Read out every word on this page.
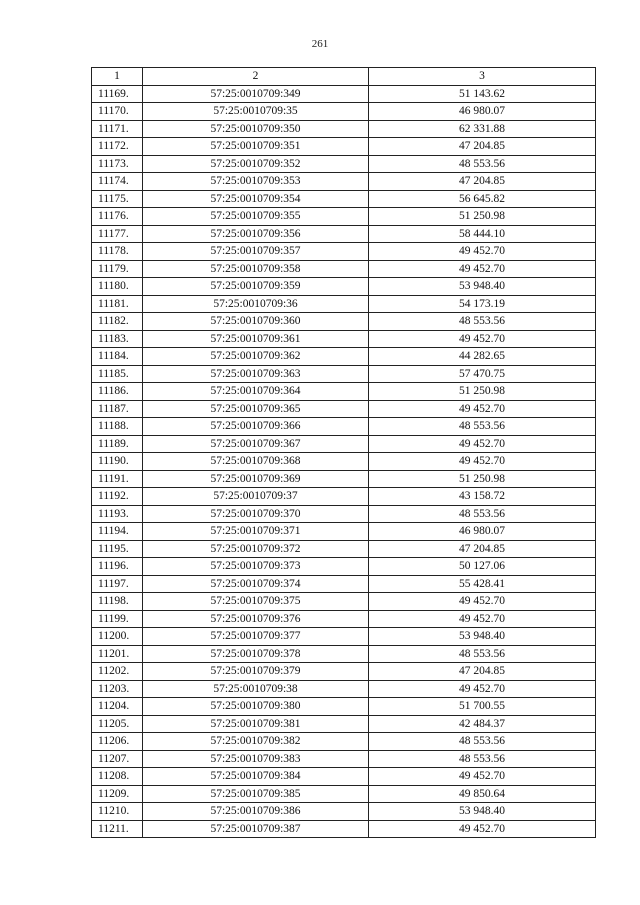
261
1	2	3
11169.	57:25:0010709:349	51 143.62
11170.	57:25:0010709:35	46 980.07
11171.	57:25:0010709:350	62 331.88
11172.	57:25:0010709:351	47 204.85
11173.	57:25:0010709:352	48 553.56
11174.	57:25:0010709:353	47 204.85
11175.	57:25:0010709:354	56 645.82
11176.	57:25:0010709:355	51 250.98
11177.	57:25:0010709:356	58 444.10
11178.	57:25:0010709:357	49 452.70
11179.	57:25:0010709:358	49 452.70
11180.	57:25:0010709:359	53 948.40
11181.	57:25:0010709:36	54 173.19
11182.	57:25:0010709:360	48 553.56
11183.	57:25:0010709:361	49 452.70
11184.	57:25:0010709:362	44 282.65
11185.	57:25:0010709:363	57 470.75
11186.	57:25:0010709:364	51 250.98
11187.	57:25:0010709:365	49 452.70
11188.	57:25:0010709:366	48 553.56
11189.	57:25:0010709:367	49 452.70
11190.	57:25:0010709:368	49 452.70
11191.	57:25:0010709:369	51 250.98
11192.	57:25:0010709:37	43 158.72
11193.	57:25:0010709:370	48 553.56
11194.	57:25:0010709:371	46 980.07
11195.	57:25:0010709:372	47 204.85
11196.	57:25:0010709:373	50 127.06
11197.	57:25:0010709:374	55 428.41
11198.	57:25:0010709:375	49 452.70
11199.	57:25:0010709:376	49 452.70
11200.	57:25:0010709:377	53 948.40
11201.	57:25:0010709:378	48 553.56
11202.	57:25:0010709:379	47 204.85
11203.	57:25:0010709:38	49 452.70
11204.	57:25:0010709:380	51 700.55
11205.	57:25:0010709:381	42 484.37
11206.	57:25:0010709:382	48 553.56
11207.	57:25:0010709:383	48 553.56
11208.	57:25:0010709:384	49 452.70
11209.	57:25:0010709:385	49 850.64
11210.	57:25:0010709:386	53 948.40
11211.	57:25:0010709:387	49 452.70
